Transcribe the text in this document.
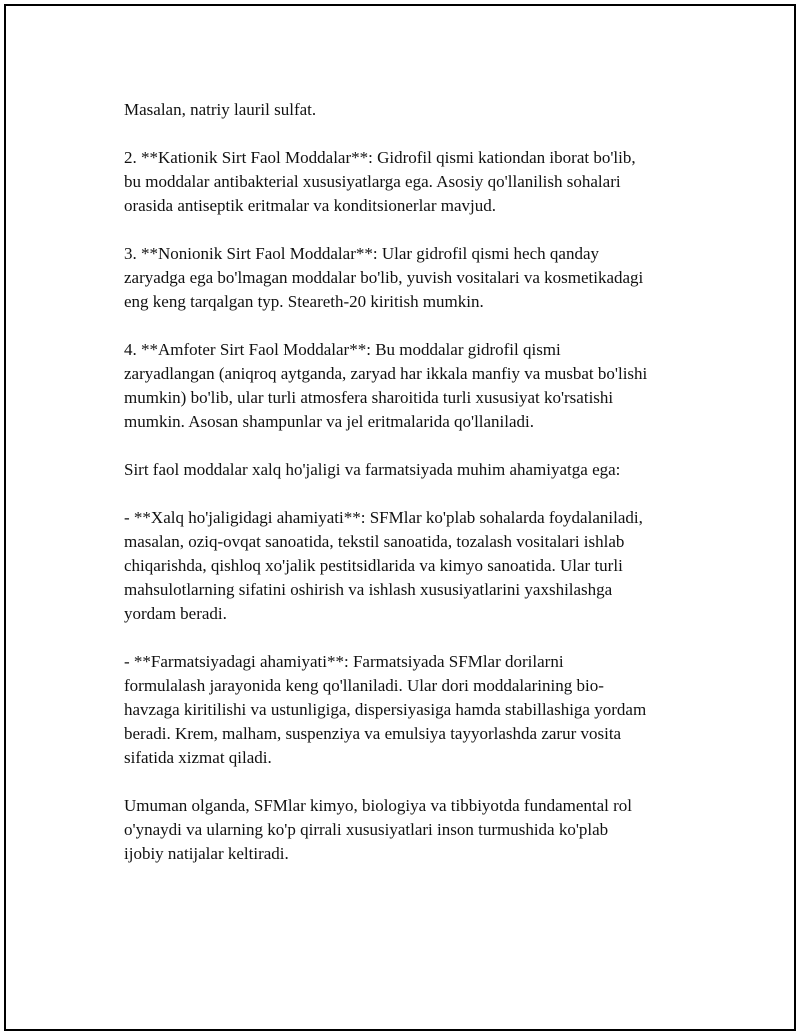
Masalan, natriy lauril sulfat.

2. **Kationik Sirt Faol Moddalar**: Gidrofil qismi kationdan iborat bo'lib,
bu moddalar antibakterial xususiyatlarga ega. Asosiy qo'llanilish sohalari
orasida antiseptik eritmalar va konditsionerlar mavjud.

3. **Nonionik Sirt Faol Moddalar**: Ular gidrofil qismi hech qanday
zaryadga ega bo'lmagan moddalar bo'lib, yuvish vositalari va kosmetikadagi
eng keng tarqalgan typ. Steareth-20 kiritish mumkin.

4. **Amfoter Sirt Faol Moddalar**: Bu moddalar gidrofil qismi
zaryadlangan (aniqroq aytganda, zaryad har ikkala manfiy va musbat bo'lishi
mumkin) bo'lib, ular turli atmosfera sharoitida turli xususiyat ko'rsatishi
mumkin. Asosan shampunlar va jel eritmalarida qo'llaniladi.

Sirt faol moddalar xalq ho'jaligi va farmatsiyada muhim ahamiyatga ega:

- **Xalq ho'jaligidagi ahamiyati**: SFMlar ko'plab sohalarda foydalaniladi,
masalan, oziq-ovqat sanoatida, tekstil sanoatida, tozalash vositalari ishlab
chiqarishda, qishloq xo'jalik pestitsidlarida va kimyo sanoatida. Ular turli
mahsulotlarning sifatini oshirish va ishlash xususiyatlarini yaxshilashga
yordam beradi.

- **Farmatsiyadagi ahamiyati**: Farmatsiyada SFMlar dorilarni
formulalash jarayonida keng qo'llaniladi. Ular dori moddalarining bio-
havzaga kiritilishi va ustunligiga, dispersiyasiga hamda stabillashiga yordam
beradi. Krem, malham, suspenziya va emulsiya tayyorlashda zarur vosita
sifatida xizmat qiladi.

Umuman olganda, SFMlar kimyo, biologiya va tibbiyotda fundamental rol
o'ynaydi va ularning ko'p qirrali xususiyatlari inson turmushida ko'plab
ijobiy natijalar keltiradi.
